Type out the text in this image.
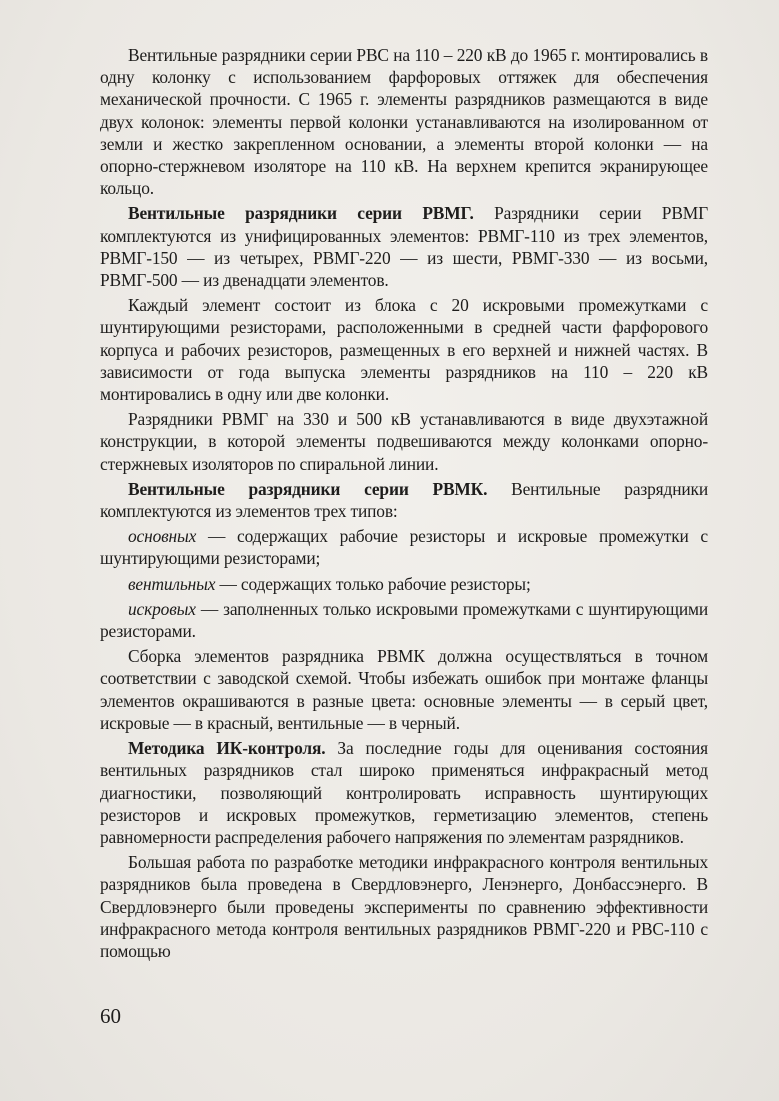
Вентильные разрядники серии РВС на 110 – 220 кВ до 1965 г. монтировались в одну колонку с использованием фарфоровых оттяжек для обеспечения механической прочности. С 1965 г. элементы разрядников размещаются в виде двух колонок: элементы первой колонки устанавливаются на изолированном от земли и жестко закрепленном основании, а элементы второй колонки — на опорно-стержневом изоляторе на 110 кВ. На верхнем крепится экранирующее кольцо.

Вентильные разрядники серии РВМГ. Разрядники серии РВМГ комплектуются из унифицированных элементов: РВМГ-110 из трех элементов, РВМГ-150 — из четырех, РВМГ-220 — из шести, РВМГ-330 — из восьми, РВМГ-500 — из двенадцати элементов.

Каждый элемент состоит из блока с 20 искровыми промежутками с шунтирующими резисторами, расположенными в средней части фарфорового корпуса и рабочих резисторов, размещенных в его верхней и нижней частях. В зависимости от года выпуска элементы разрядников на 110 – 220 кВ монтировались в одну или две колонки.

Разрядники РВМГ на 330 и 500 кВ устанавливаются в виде двухэтажной конструкции, в которой элементы подвешиваются между колонками опорно-стержневых изоляторов по спиральной линии.

Вентильные разрядники серии РВМК. Вентильные разрядники комплектуются из элементов трех типов:

основных — содержащих рабочие резисторы и искровые промежутки с шунтирующими резисторами;

вентильных — содержащих только рабочие резисторы;

искровых — заполненных только искровыми промежутками с шунтирующими резисторами.

Сборка элементов разрядника РВМК должна осуществляться в точном соответствии с заводской схемой. Чтобы избежать ошибок при монтаже фланцы элементов окрашиваются в разные цвета: основные элементы — в серый цвет, искровые — в красный, вентильные — в черный.

Методика ИК-контроля. За последние годы для оценивания состояния вентильных разрядников стал широко применяться инфракрасный метод диагностики, позволяющий контролировать исправность шунтирующих резисторов и искровых промежутков, герметизацию элементов, степень равномерности распределения рабочего напряжения по элементам разрядников.

Большая работа по разработке методики инфракрасного контроля вентильных разрядников была проведена в Свердловэнерго, Ленэнерго, Донбассэнерго. В Свердловэнерго были проведены эксперименты по сравнению эффективности инфракрасного метода контроля вентильных разрядников РВМГ-220 и РВС-110 с помощью

60
